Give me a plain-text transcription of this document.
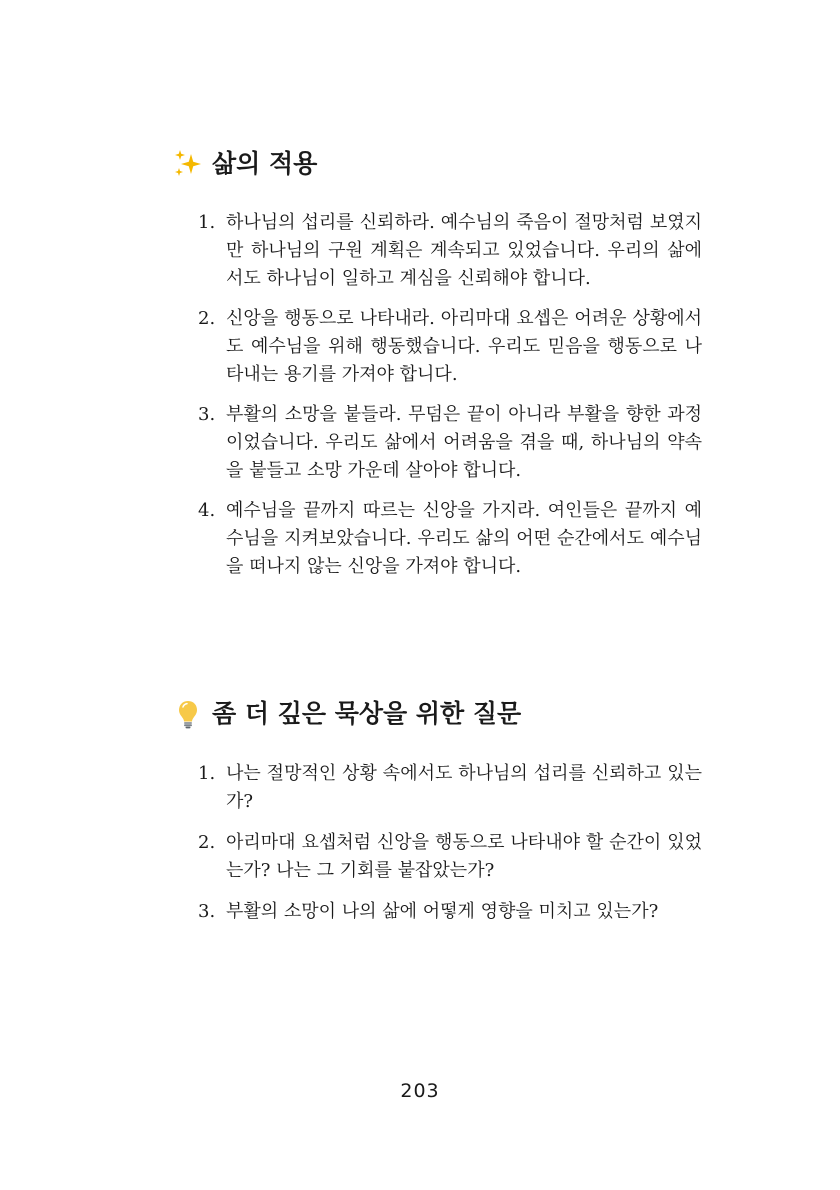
삶의 적용
1. 하나님의 섭리를 신뢰하라. 예수님의 죽음이 절망처럼 보였지만 하나님의 구원 계획은 계속되고 있었습니다. 우리의 삶에서도 하나님이 일하고 계심을 신뢰해야 합니다.
2. 신앙을 행동으로 나타내라. 아리마대 요셉은 어려운 상황에서도 예수님을 위해 행동했습니다. 우리도 믿음을 행동으로 나타내는 용기를 가져야 합니다.
3. 부활의 소망을 붙들라. 무덤은 끝이 아니라 부활을 향한 과정이었습니다. 우리도 삶에서 어려움을 겪을 때, 하나님의 약속을 붙들고 소망 가운데 살아야 합니다.
4. 예수님을 끝까지 따르는 신앙을 가지라. 여인들은 끝까지 예수님을 지켜보았습니다. 우리도 삶의 어떤 순간에서도 예수님을 떠나지 않는 신앙을 가져야 합니다.
좀 더 깊은 묵상을 위한 질문
1. 나는 절망적인 상황 속에서도 하나님의 섭리를 신뢰하고 있는가?
2. 아리마대 요셉처럼 신앙을 행동으로 나타내야 할 순간이 있었는가? 나는 그 기회를 붙잡았는가?
3. 부활의 소망이 나의 삶에 어떻게 영향을 미치고 있는가?
203
